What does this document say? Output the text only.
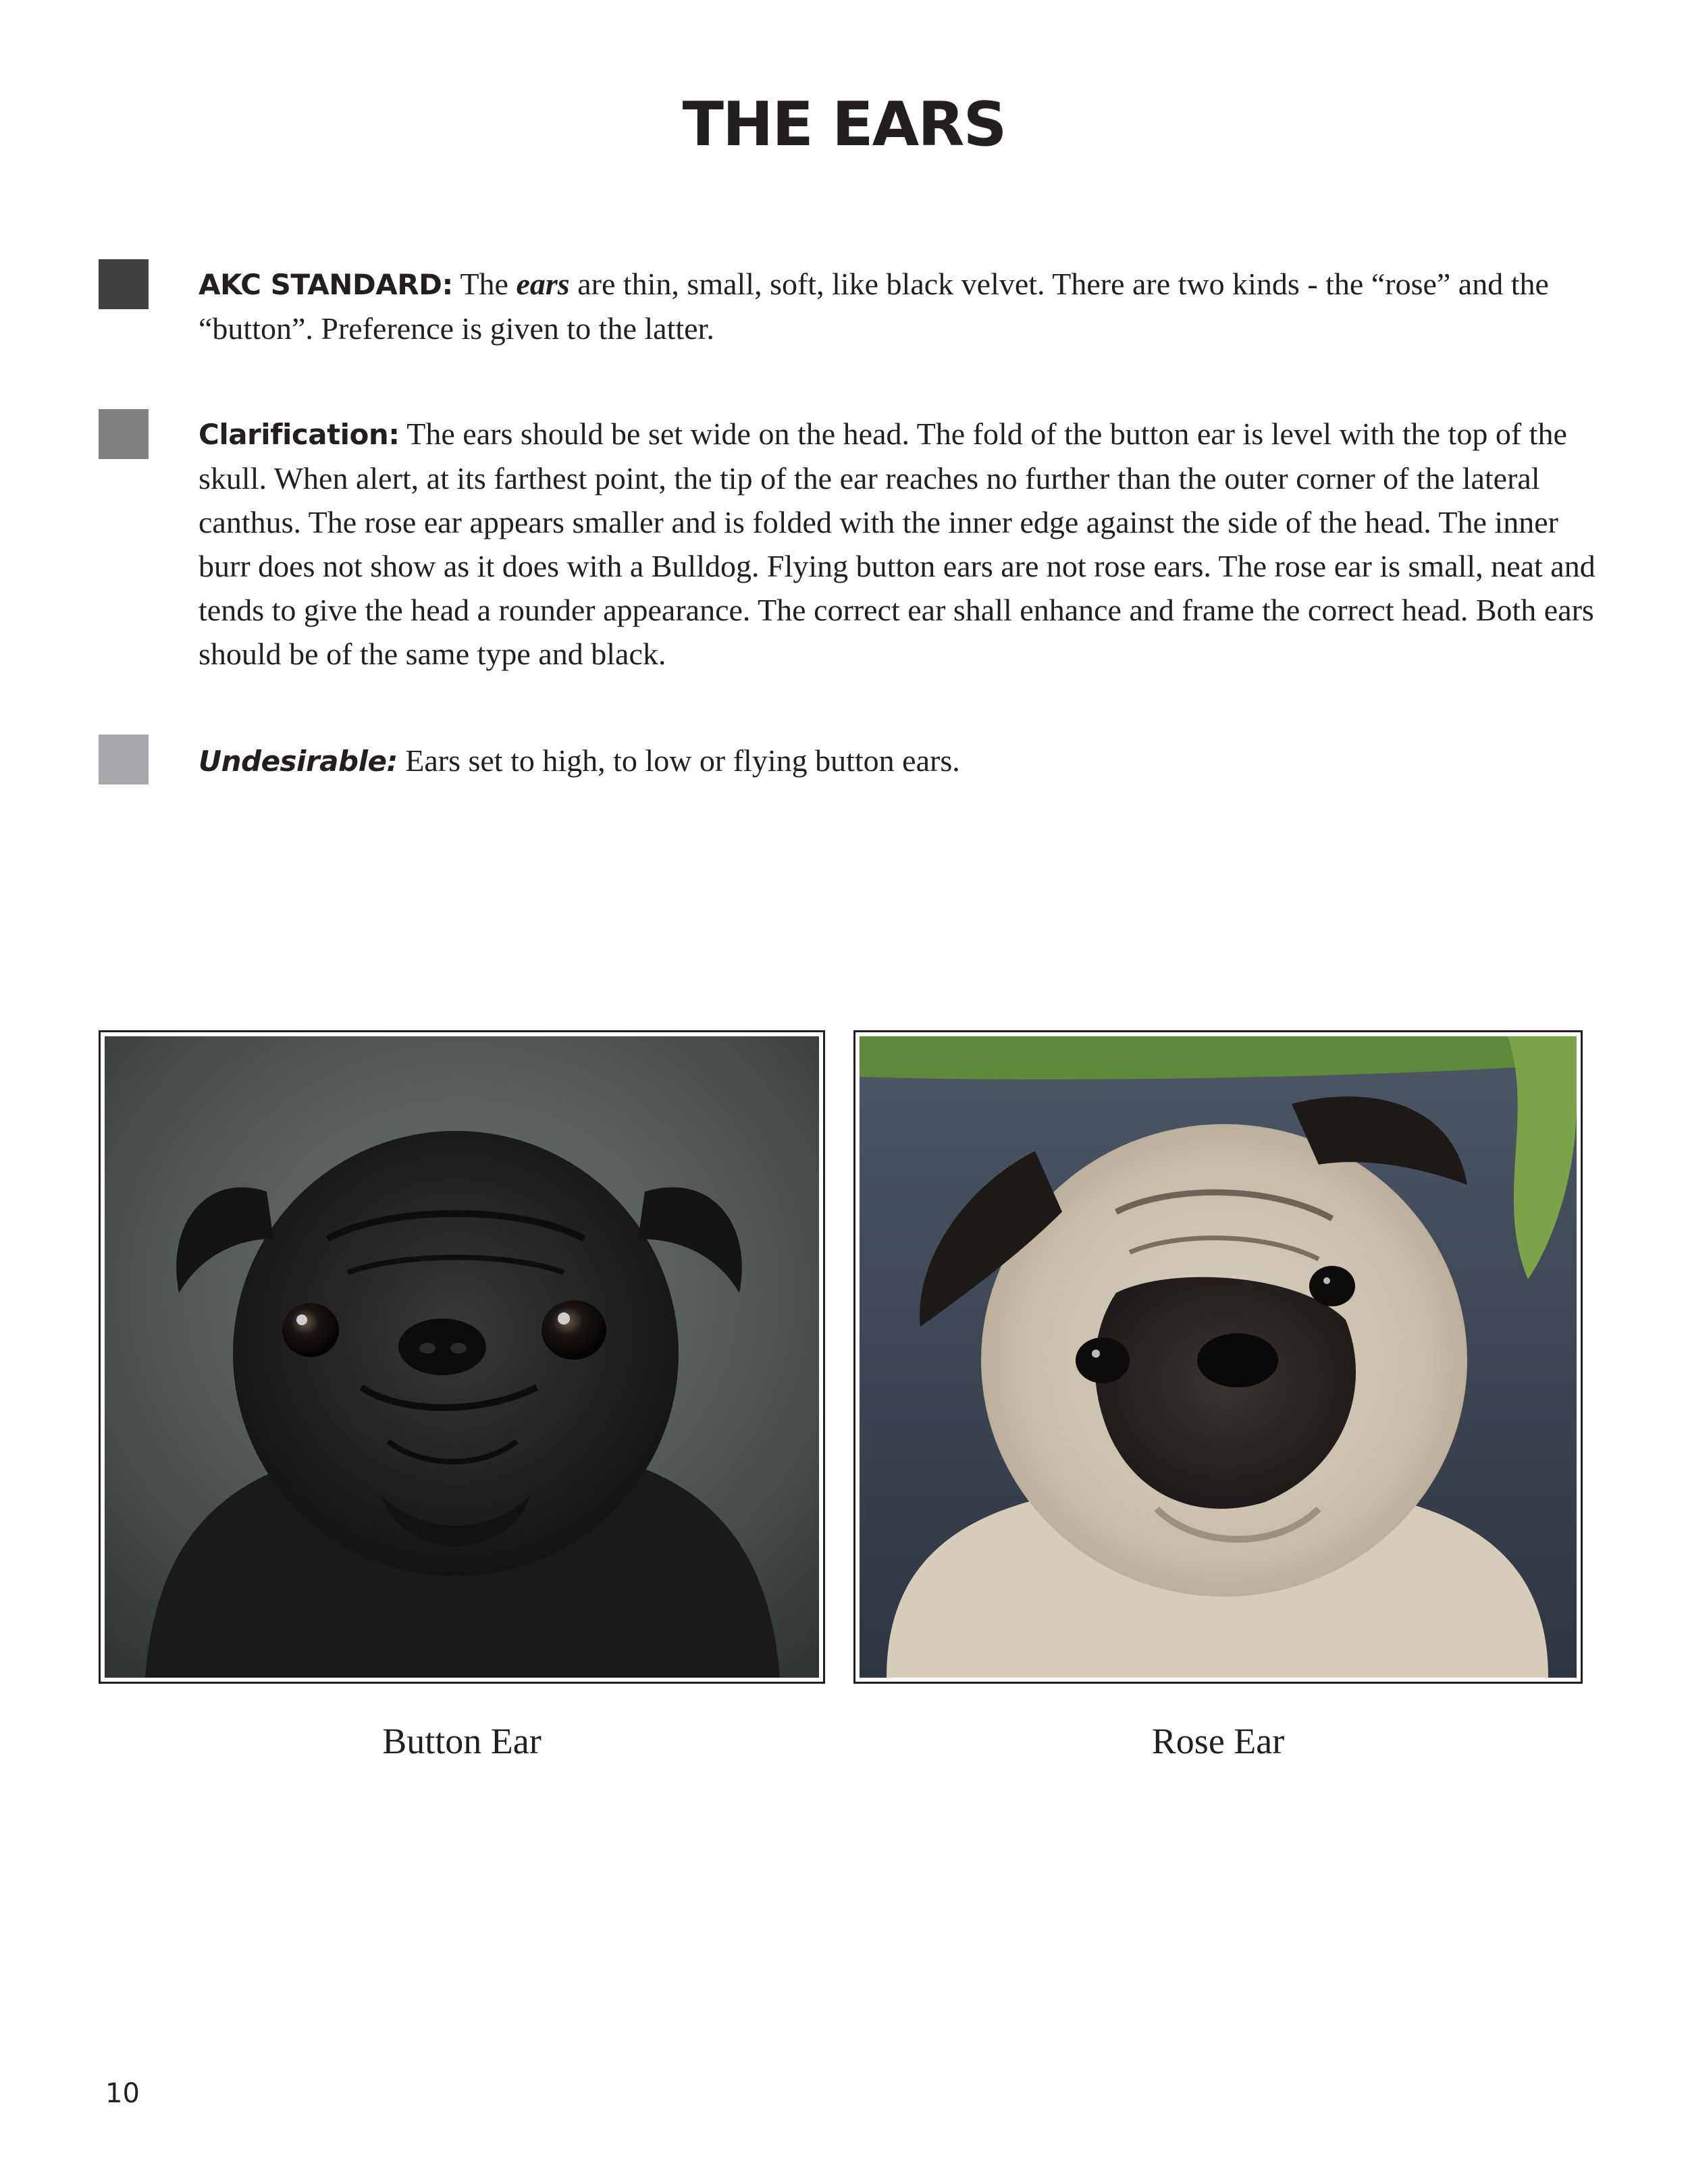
THE EARS

AKC STANDARD: The ears are thin, small, soft, like black velvet. There are two kinds - the “rose” and the “button”. Preference is given to the latter.

Clarification: The ears should be set wide on the head. The fold of the button ear is level with the top of the skull. When alert, at its farthest point, the tip of the ear reaches no further than the outer corner of the lateral canthus. The rose ear appears smaller and is folded with the inner edge against the side of the head. The inner burr does not show as it does with a Bulldog. Flying button ears are not rose ears. The rose ear is small, neat and tends to give the head a rounder appearance. The correct ear shall enhance and frame the correct head. Both ears should be of the same type and black.

Undesirable: Ears set to high, to low or flying button ears.

Button Ear	Rose Ear
10
